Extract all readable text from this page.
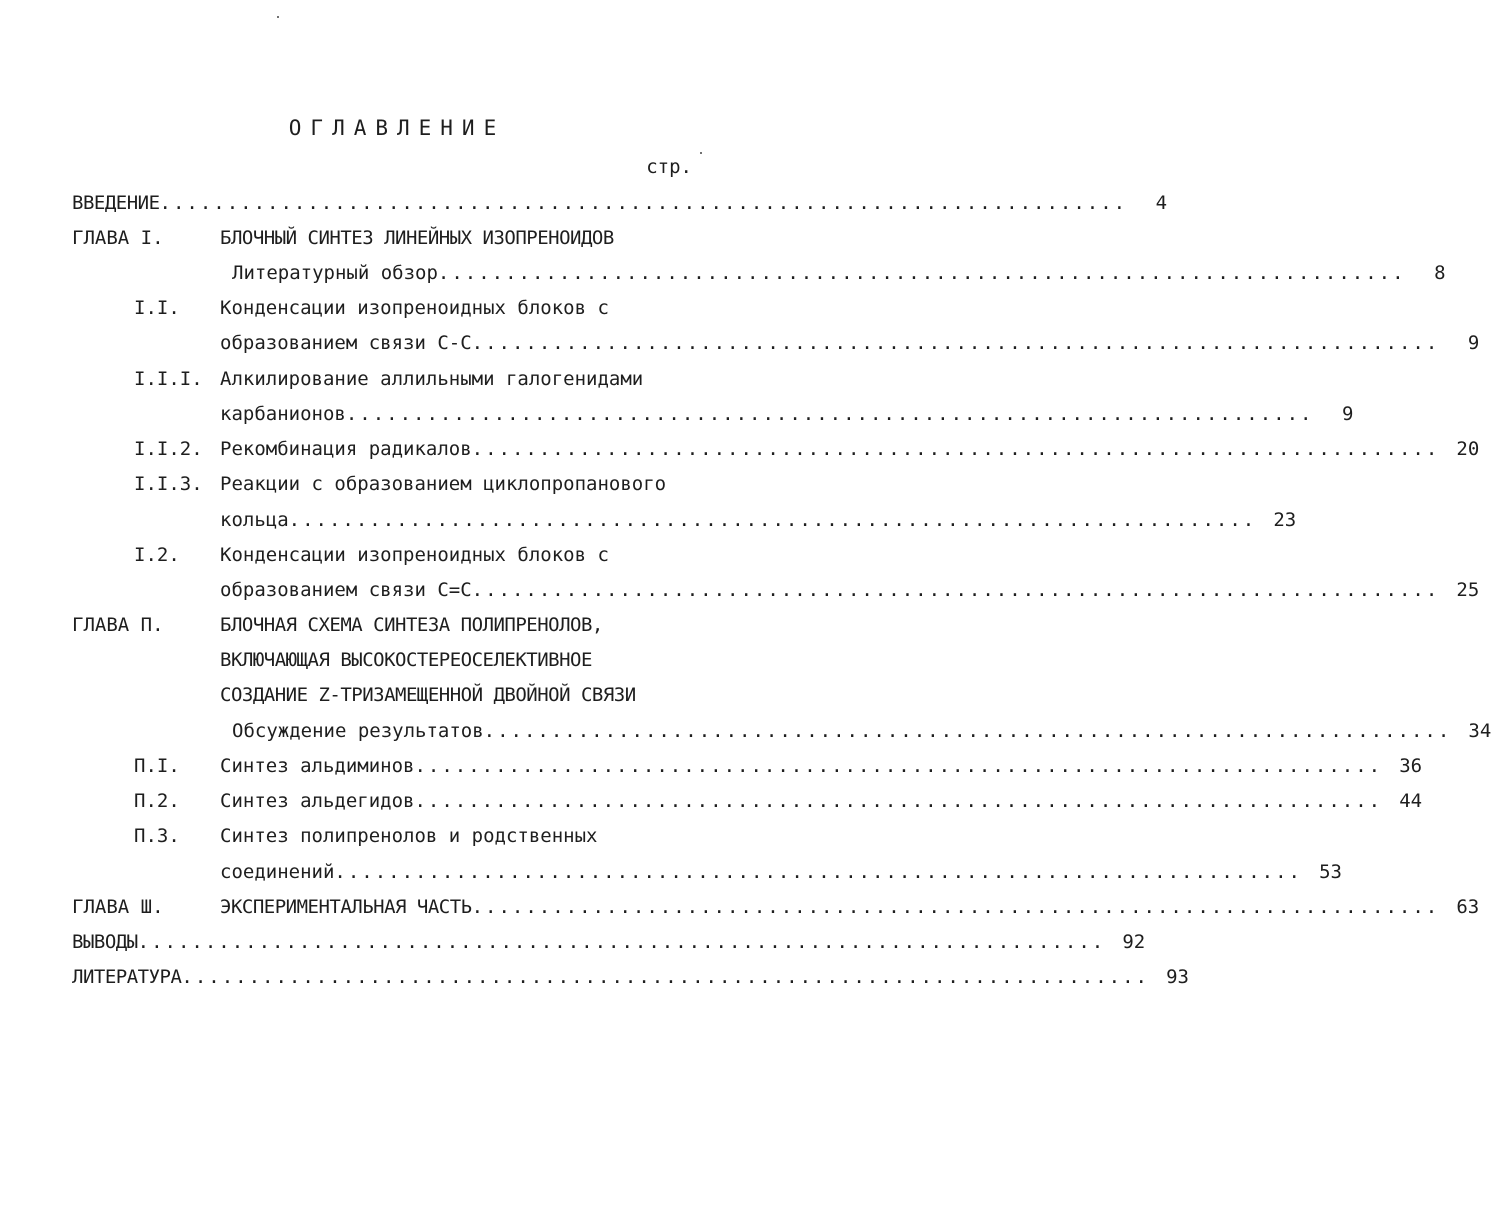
ОГЛАВЛЕНИЕ
стр.
ВВЕДЕНИЕ ........................................................................	4
ГЛАВА I.	БЛОЧНЫЙ СИНТЕЗ ЛИНЕЙНЫХ ИЗОПРЕНОИДОВ
Литературный обзор ........................................................................	8
I.I. Конденсации изопреноидных блоков с
образованием связи С-С ........................................................................	9
I.I.I. Алкилирование аллильными галогенидами
карбанионов ........................................................................	9
I.I.2. Рекомбинация радикалов ........................................................................ 20
I.I.3. Реакции с образованием циклопропанового
кольца ........................................................................ 23
I.2. Конденсации изопреноидных блоков с
образованием связи С=С ........................................................................ 25
ГЛАВА П.	БЛОЧНАЯ СХЕМА СИНТЕЗА ПОЛИПРЕНОЛОВ,
ВКЛЮЧАЮЩАЯ ВЫСОКОСТЕРЕОСЕЛЕКТИВНОЕ
СОЗДАНИЕ Z-ТРИЗАМЕЩЕННОЙ ДВОЙНОЙ СВЯЗИ
Обсуждение результатов ........................................................................ 34
П.I. Синтез альдиминов ........................................................................ 36
П.2. Синтез альдегидов ........................................................................ 44
П.3. Синтез полипренолов и родственных
соединений ........................................................................ 53
ГЛАВА Ш.	ЭКСПЕРИМЕНТАЛЬНАЯ ЧАСТЬ ........................................................................ 63
ВЫВОДЫ ........................................................................ 92
ЛИТЕРАТУРА ........................................................................ 93
